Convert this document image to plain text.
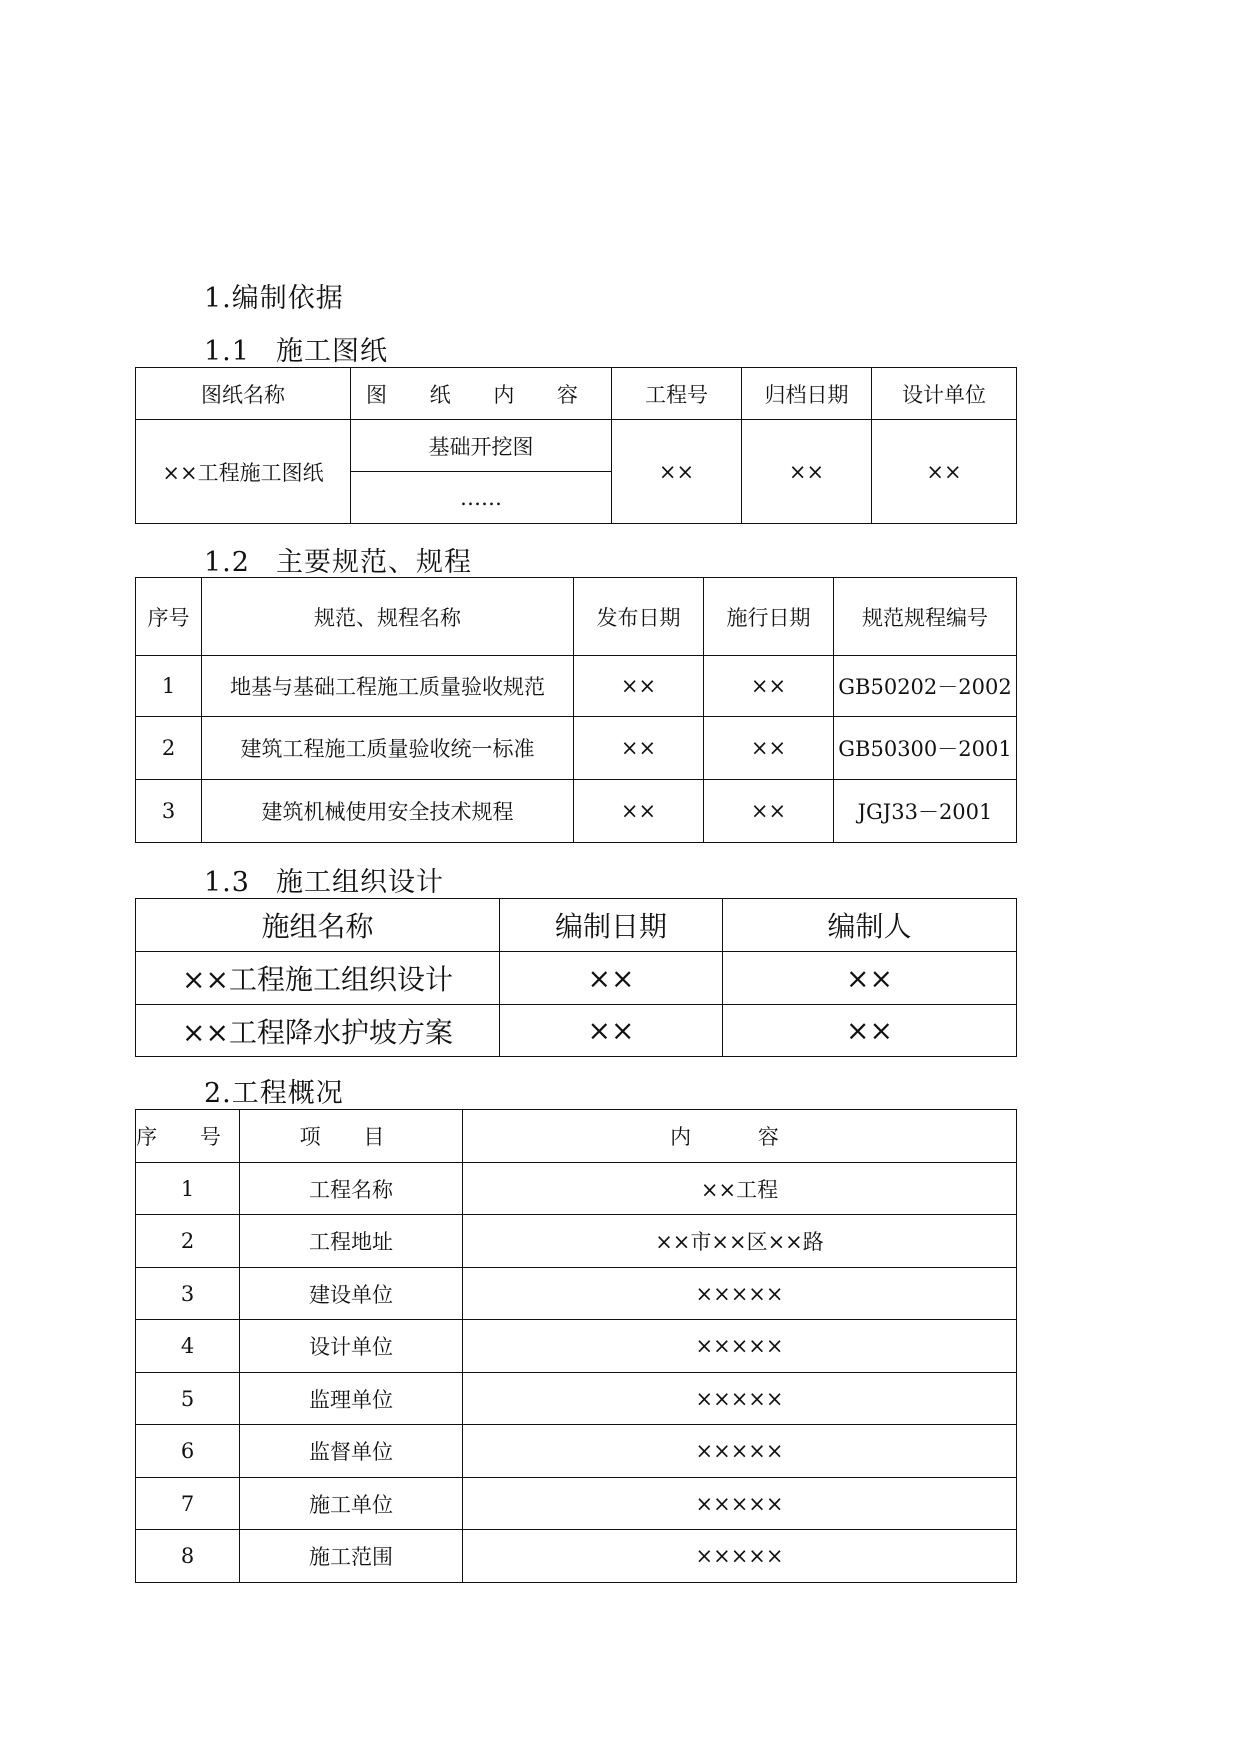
1.编制依据
1.1 施工图纸
图纸名称	图 纸 内 容	工程号	归档日期	设计单位
××工程施工图纸	基础开挖图	××	××	××
	……			
1.2 主要规范、规程
序号	规范、规程名称	发布日期	施行日期	规范规程编号
1	地基与基础工程施工质量验收规范	××	××	GB50202－2002
2	建筑工程施工质量验收统一标准	××	××	GB50300－2001
3	建筑机械使用安全技术规程	××	××	JGJ33－2001
1.3 施工组织设计
施组名称	编制日期	编制人
××工程施工组织设计	××	××
××工程降水护坡方案	××	××
2.工程概况
序 号	项 目	内 容
1	工程名称	××工程
2	工程地址	××市××区××路
3	建设单位	×××××
4	设计单位	×××××
5	监理单位	×××××
6	监督单位	×××××
7	施工单位	×××××
8	施工范围	×××××
